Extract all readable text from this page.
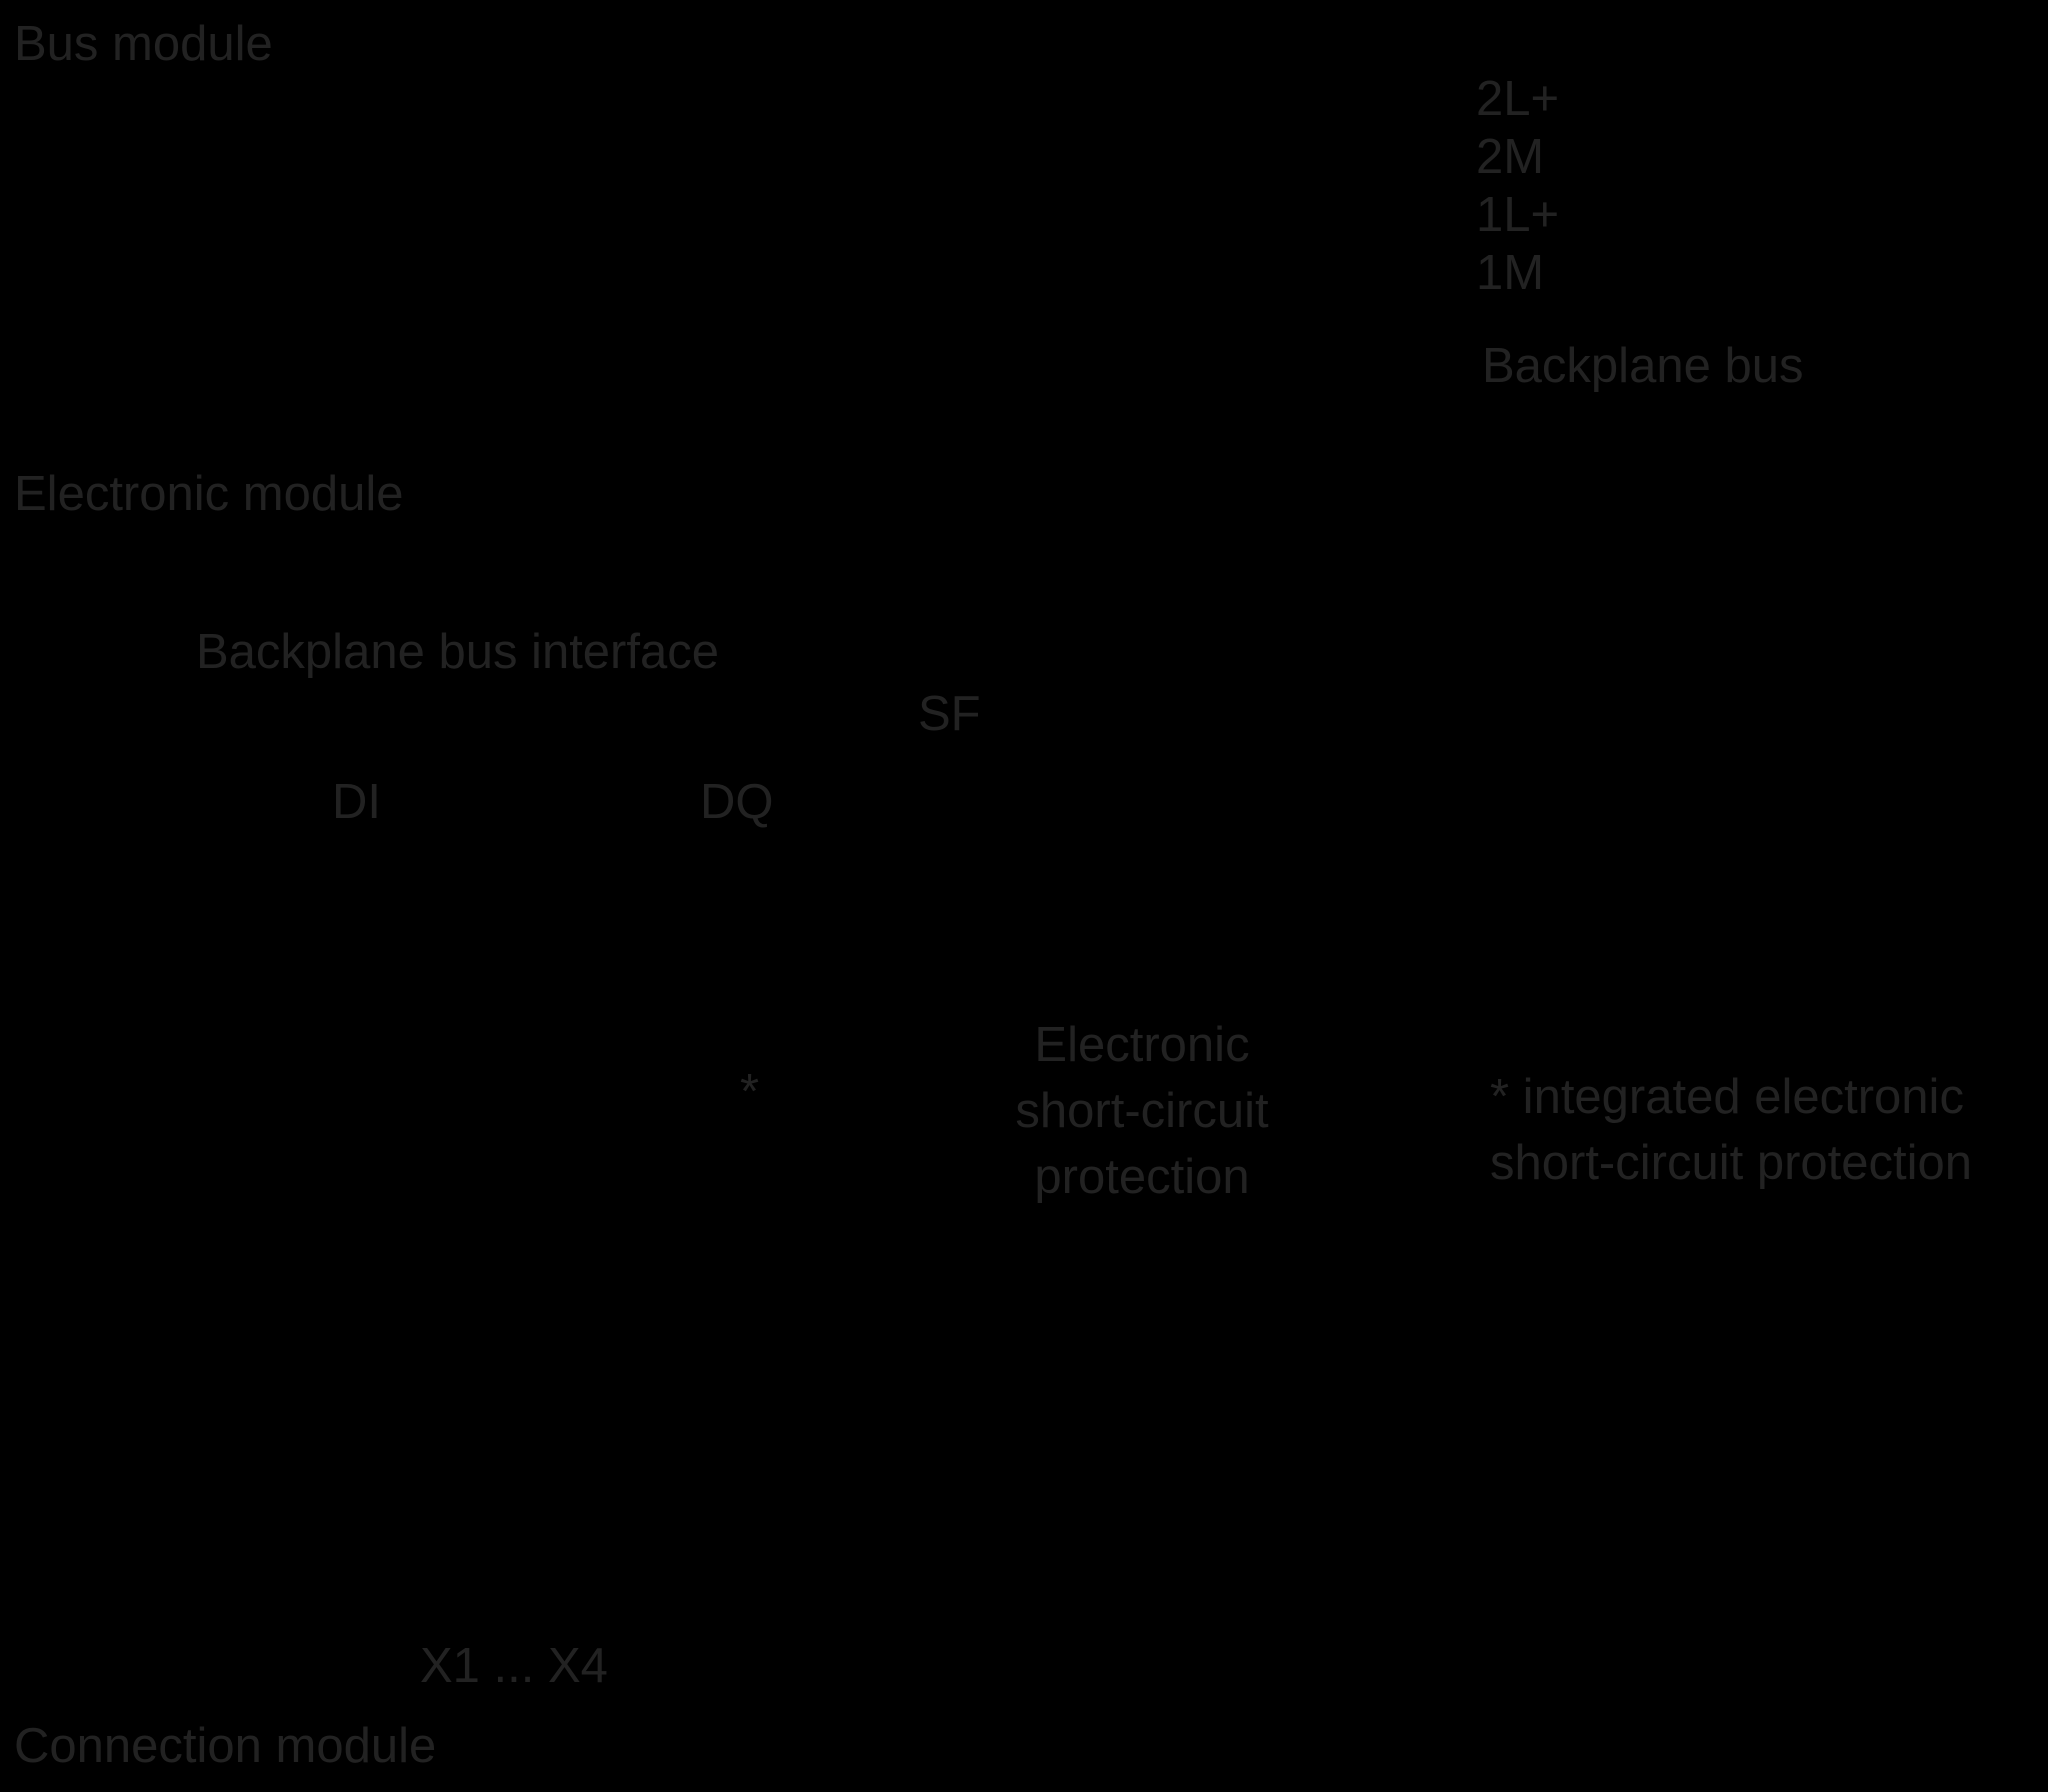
Bus module
2L+
2M
1L+
1M
Backplane bus
Electronic module
Backplane bus interface
SF
DI	DQ
*
Electronic
short-circuit
protection
* integrated electronic
short-circuit protection
X1 ... X4
Connection module
